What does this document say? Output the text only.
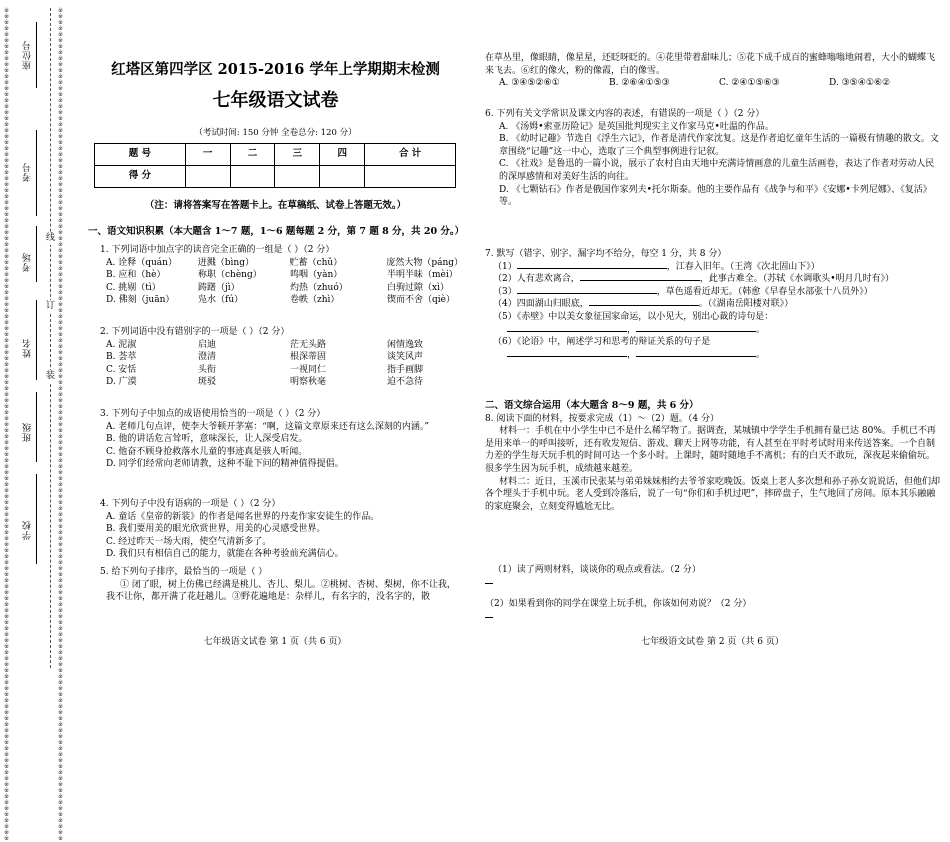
※※※※※※※※※※※※※※※※※※※※※※※※※※※※※※※※※※※※※※※※※※※※※※※※※※※※※※※※※※※※※※※※※※※※※※※※※※※※※※※※※※※※※※※※※※※※※※※※※※※※※※※※※※※※※※※※※※※※※※※※※※※※※※※※※※※※※※※※※※※
※※※※※※※※※※※※※※※※※※※※※※※※※※※※※※※※※※※※※※※※※※※※※※※※※※※※※※※※※※※※※※※※※※※※※※※※※※※※※※※※※※※※※※※※※※※※※※※※※※※※※※※※※※※※※※※※※※※※※※※※※※※※※※※※※※※※※※※※※※※
座位号
考号
考场
姓名
班级
学校
线
订
装
红塔区第四学区 2015-2016 学年上学期期末检测
七年级语文试卷
（考试时间: 150 分钟 全卷总分: 120 分）
题 号	一	二	三	四	合 计
得 分					
（注：请将答案写在答题卡上。在草稿纸、试卷上答题无效。）
一、语文知识积累（本大题含 1～7 题，1～6 题每题 2 分，第 7 题 8 分，共 20 分。）
1. 下列词语中加点字的读音完全正确的一组是（ ）（2 分）
A. 诠释（quán）	迸溅（bìng）	贮蓄（chǔ）	庞然大物（páng）
B. 应和（hè）	称职（chèng）	鸣咽（yàn）	半明半昧（mèi）
C. 挑剔（tì）	踌躇（jì）	灼热（zhuó）	白驹过隙（xì）
D. 佛刻（juān）	凫水（fú）	卷帙（zhì）	锲而不舍（qiè）
2. 下列词语中没有错别字的一项是（ ）（2 分）
A. 泥淑	启迪	茫无头路	闲情逸致
B. 荟萃	澄清	根深蒂固	谈笑风声
C. 安恬	头衔	一视同仁	指手画脚
D. 广漠	斑驳	明察秋毫	迫不急待
3. 下列句子中加点的成语使用恰当的一项是（ ）（2 分）
A. 老师几句点评，使李大爷顿开茅塞：“啊，这篇文章原来还有这么深刻的内涵。”
B. 他的讲话危言耸听，意味深长，让人深受启发。
C. 他奋不顾身抢救落水儿童的事迹真是骇人听闻。
D. 同学们经常向老师请教，这种不耻下问的精神值得提倡。
4. 下列句子中没有语病的一项是（ ）（2 分）
A. 童话《皇帝的新装》的作者是闻名世界的丹麦作家安徒生的作品。
B. 我们要用美的眼光欣赏世界，用美的心灵感受世界。
C. 经过昨天一场大雨，使空气清新多了。
D. 我们只有相信自己的能力，就能在各种考验前充满信心。
5. 给下列句子排序，最恰当的一项是（ ）
① 闭了眼，树上仿佛已经满是桃儿、杏儿、梨儿。②桃树、杏树、梨树，你不让我，我不让你，都开满了花赶趟儿。③野花遍地是：杂样儿，有名字的，没名字的，散
七年级语文试卷 第 1 页（共 6 页）
在草丛里，像眼睛，像星星，还眨呀眨的。④花里带着甜味儿；⑤花下成千成百的蜜蜂嗡嗡地闹着，大小的蝴蝶飞来飞去。⑥红的像火，粉的像霞，白的像雪。
A. ③④⑤②⑥①	B. ②⑥④①⑤③	C. ②④①⑤⑥③	D. ③⑤④①⑥②
6. 下列有关文学常识及课文内容的表述，有错误的一项是（ ）（2 分）
A. 《汤姆•索亚历险记》是英国批判现实主义作家马克•吐温的作品。
B. 《幼时记趣》节选自《浮生六记》，作者是清代作家沈复。这是作者追忆童年生活的一篇极有情趣的散文。文章围绕“记趣”这一中心，选取了三个典型事例进行记叙。
C. 《社戏》是鲁迅的一篇小说，展示了农村自由天地中充满诗情画意的儿童生活画卷，表达了作者对劳动人民的深厚感情和对美好生活的向往。
D. 《七颗钻石》作者是俄国作家列夫•托尔斯泰。他的主要作品有《战争与和平》《安娜•卡列尼娜》、《复活》等。
7. 默写（错字、别字、漏字均不给分，每空 1 分，共 8 分）
（1）	，江春入旧年。（王湾《次北固山下》）
（2）人有悲欢离合，	，此事古难全。（苏轼《水调歌头•明月几时有》）
（3）	，草色遥看近却无。（韩愈《早春呈水部张十八员外》）
（4）四面湖山归眼底，	。（《湖南岳阳楼对联》）
（5）《赤壁》中以美女象征国家命运，以小见大，别出心裁的诗句是：
，	。
（6）《论语》中，阐述学习和思考的辩证关系的句子是
，	。
二、语文综合运用（本大题含 8～9 题，共 6 分）
8. 阅读下面的材料，按要求完成（1）～（2）题。（4 分）
材料一：手机在中小学生中已不是什么稀罕物了。据调查，某城镇中学学生手机拥有量已达 80%。手机已不再是用来单一的呼叫接听，还有收发短信、游戏、聊天上网等功能，有人甚至在平时考试时用来传送答案。一个自制力差的学生每天玩手机的时间可达一个多小时。上课时，随时随地手不离机；有的白天不敢玩，深夜起来偷偷玩。很多学生因为玩手机，成绩越来越差。
材料二：近日，玉溪市民张某与弟弟妹妹相约去爷爷家吃晚饭。饭桌上老人多次想和孙子孙女说说话，但他们却各个埋头于手机中玩。老人受到冷落后，说了一句“你们和手机过吧”，摔碎盘子，生气地回了房间。原本其乐融融的家庭聚会，立刻变得尴尬无比。
（1）读了两则材料，谈谈你的观点或看法。（2 分）
（2）如果看到你的同学在课堂上玩手机，你该如何劝说？（2 分）
七年级语文试卷 第 2 页（共 6 页）
